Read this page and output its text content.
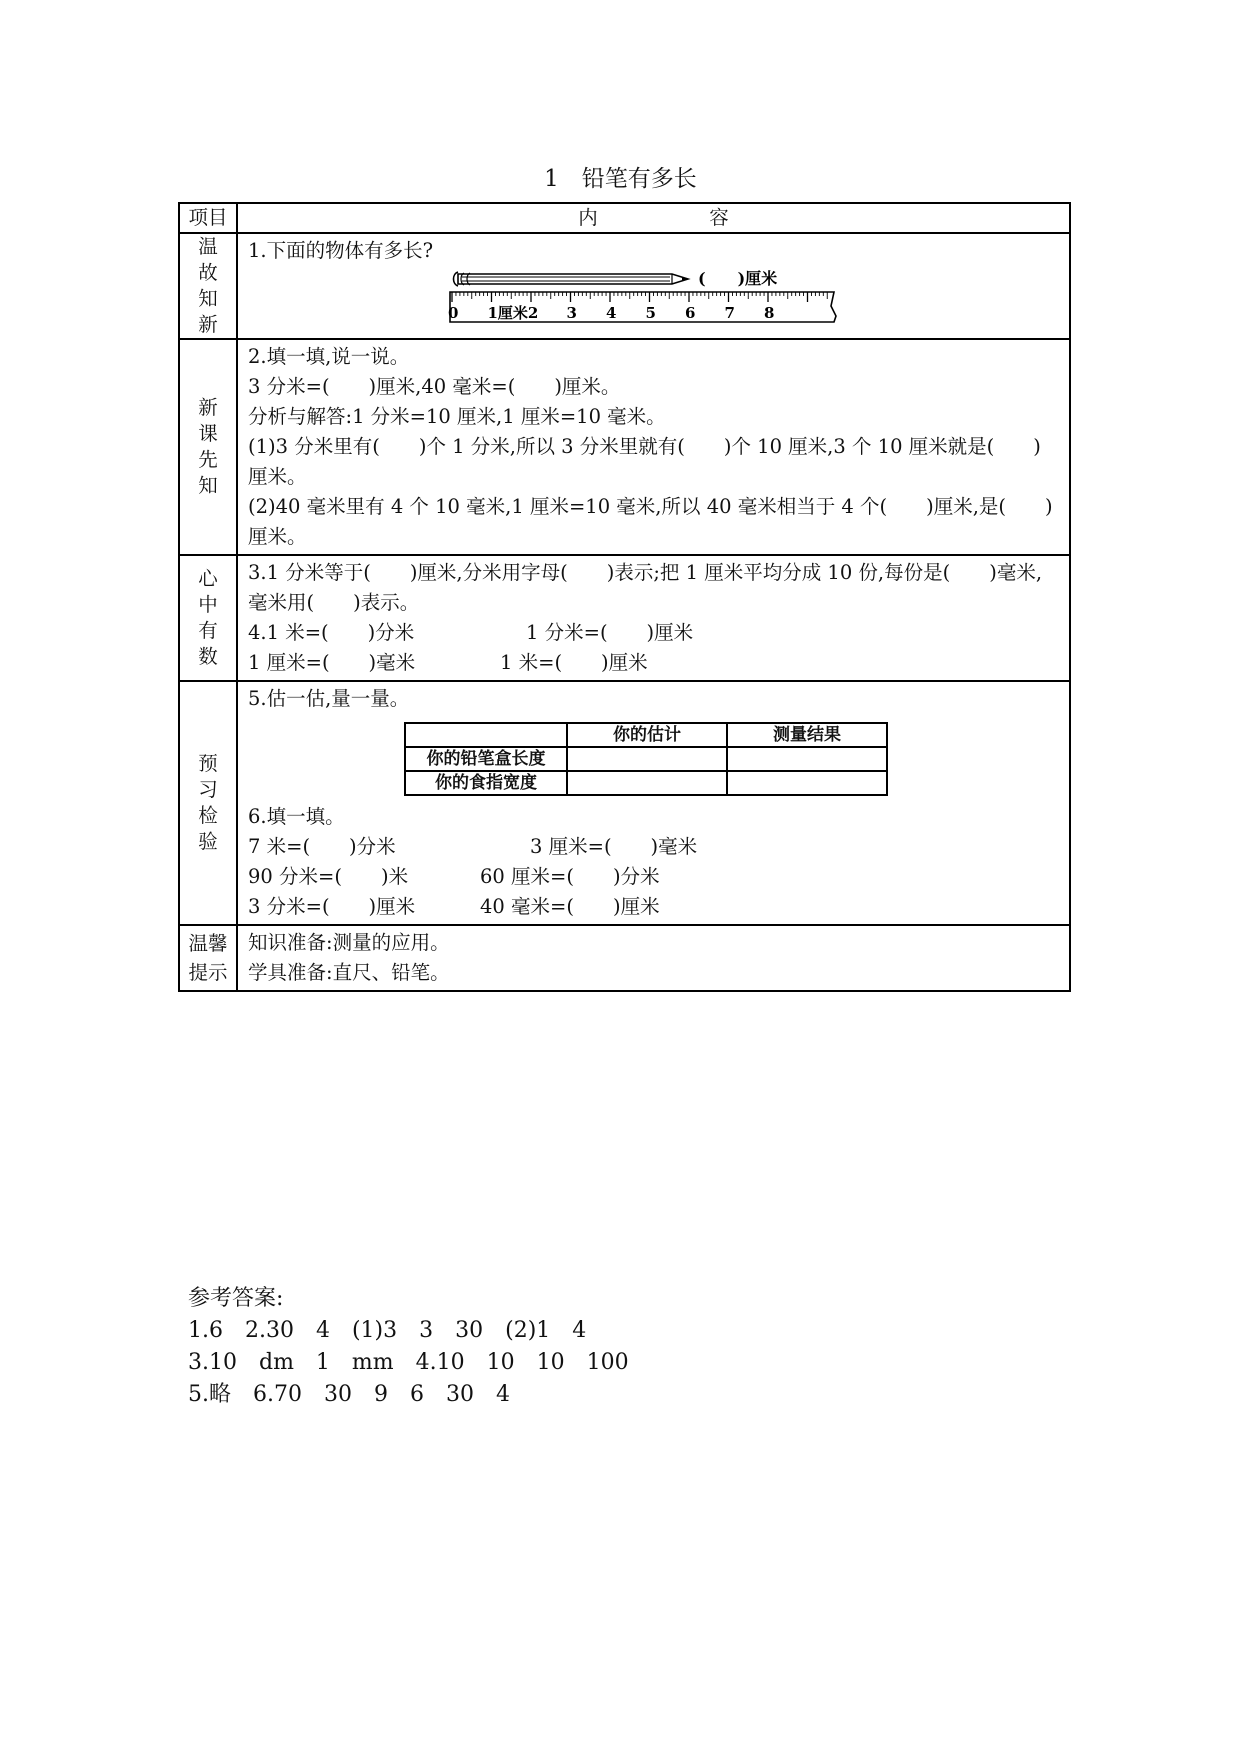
1　铅笔有多长
项目	内　容

温故知新

1.下面的物体有多长?
(　　)厘米
0 1厘米2 3 4 5 6 7 8

新课先知

2.填一填,说一说。
3 分米=(　　)厘米,40 毫米=(　　)厘米。
分析与解答:1 分米=10 厘米,1 厘米=10 毫米。
(1)3 分米里有(　　)个 1 分米,所以 3 分米里就有(　　)个 10 厘米,3 个 10 厘米就是(　　)厘米。
(2)40 毫米里有 4 个 10 毫米,1 厘米=10 毫米,所以 40 毫米相当于 4 个(　　)厘米,是(　　)厘米。

心中有数

3.1 分米等于(　　)厘米,分米用字母(　　)表示;把 1 厘米平均分成 10 份,每份是(　　)毫米,毫米用(　　)表示。
4.1 米=(　　)分米	1 分米=(　　)厘米
1 厘米=(　　)毫米	1 米=(　　)厘米

预习检验

5.估一估,量一量。
	你的估计	测量结果
你的铅笔盒长度		
你的食指宽度		
6.填一填。
7 米=(　　)分米	3 厘米=(　　)毫米
90 分米=(　　)米	60 厘米=(　　)分米
3 分米=(　　)厘米	40 毫米=(　　)厘米

温馨提示

知识准备:测量的应用。
学具准备:直尺、铅笔。
参考答案:
1.6　2.30　4　(1)3　3　30　(2)1　4
3.10　dm　1　mm　4.10　10　10　100
5.略　6.70　30　9　6　30　4
